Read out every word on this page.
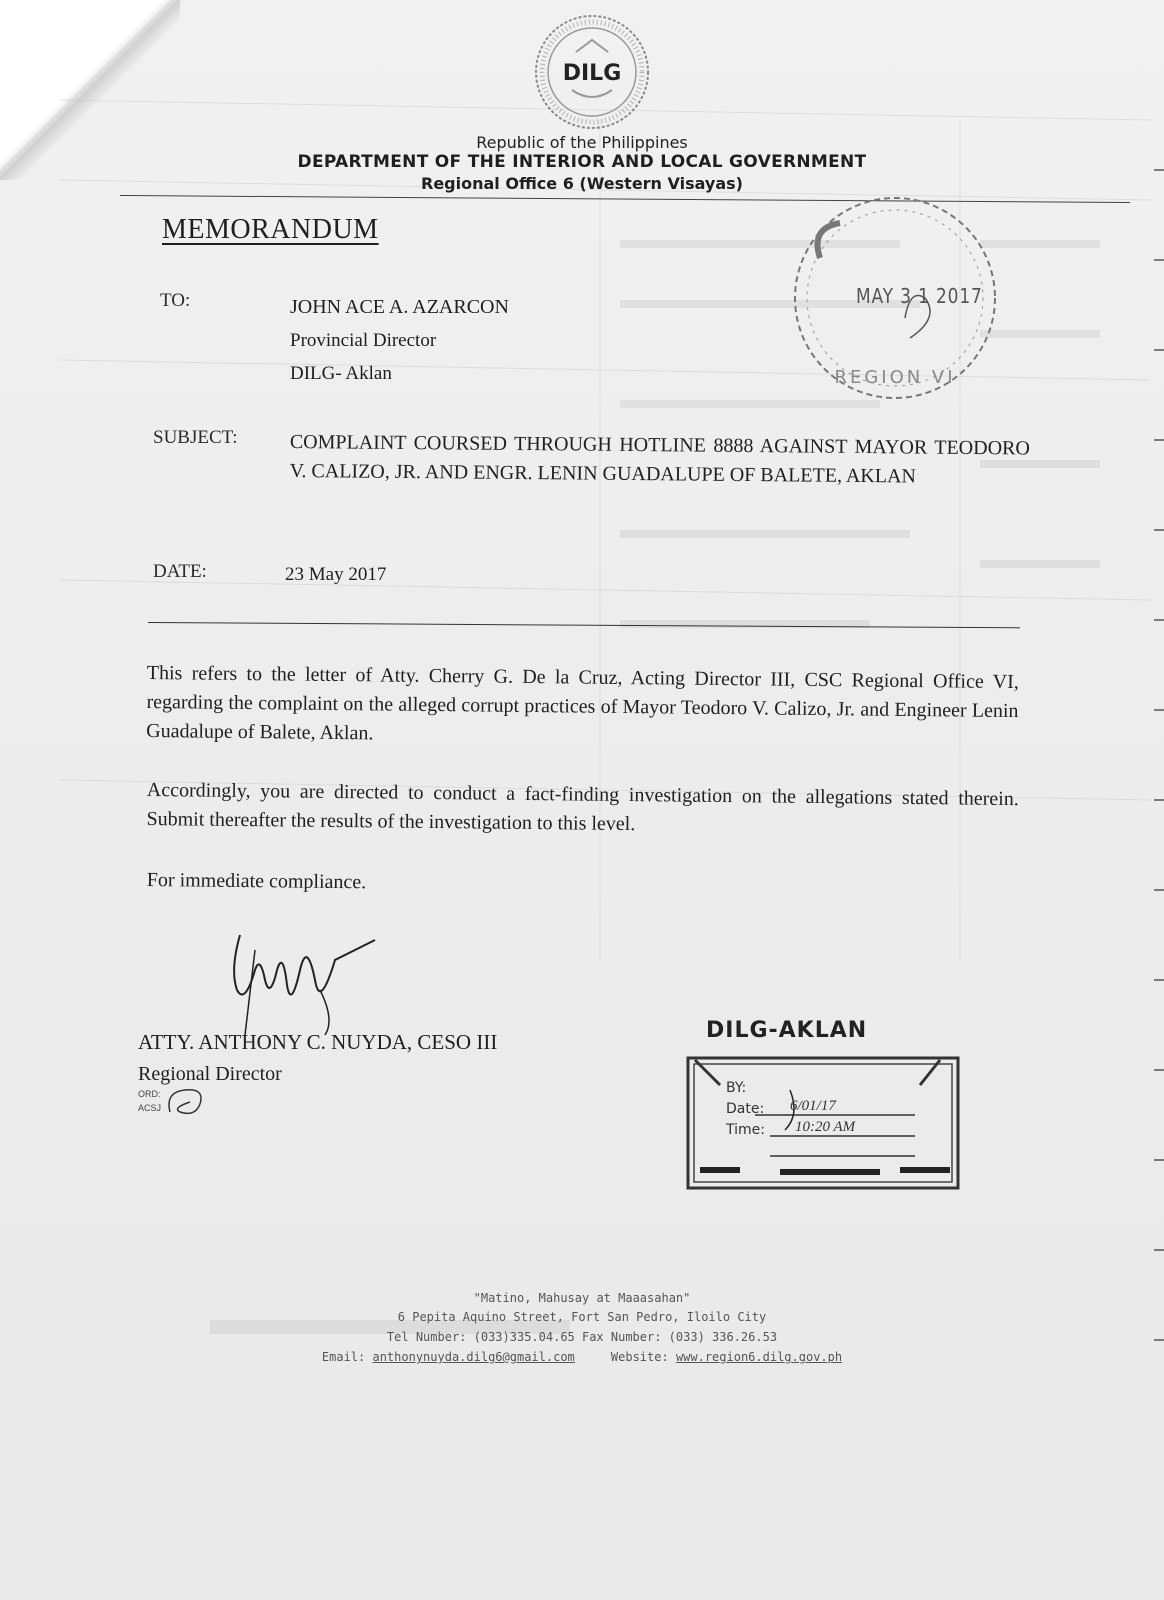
DILG
Republic of the Philippines
DEPARTMENT OF THE INTERIOR AND LOCAL GOVERNMENT
Regional Office 6 (Western Visayas)
MEMORANDUM
TO:	JOHN ACE A. AZARCON
Provincial Director
DILG- Aklan
SUBJECT:	COMPLAINT COURSED THROUGH HOTLINE 8888 AGAINST MAYOR TEODORO V. CALIZO, JR. AND ENGR. LENIN GUADALUPE OF BALETE, AKLAN
DATE:	23 May 2017
This refers to the letter of Atty. Cherry G. De la Cruz, Acting Director III, CSC Regional Office VI, regarding the complaint on the alleged corrupt practices of Mayor Teodoro V. Calizo, Jr. and Engineer Lenin Guadalupe of Balete, Aklan.
Accordingly, you are directed to conduct a fact-finding investigation on the allegations stated therein. Submit thereafter the results of the investigation to this level.
For immediate compliance.
ATTY. ANTHONY C. NUYDA, CESO III
Regional Director
ORD:
ACSJ
REGION VI
MAY 3 1 2017
DILG-AKLAN
BY:
Date: 6/01/17
Time: 10:20 AM
"Matino, Mahusay at Maaasahan"
6 Pepita Aquino Street, Fort San Pedro, Iloilo City
Tel Number: (033)335.04.65 Fax Number: (033) 336.26.53
Email: anthonynuyda.dilg6@gmail.com	Website: www.region6.dilg.gov.ph
